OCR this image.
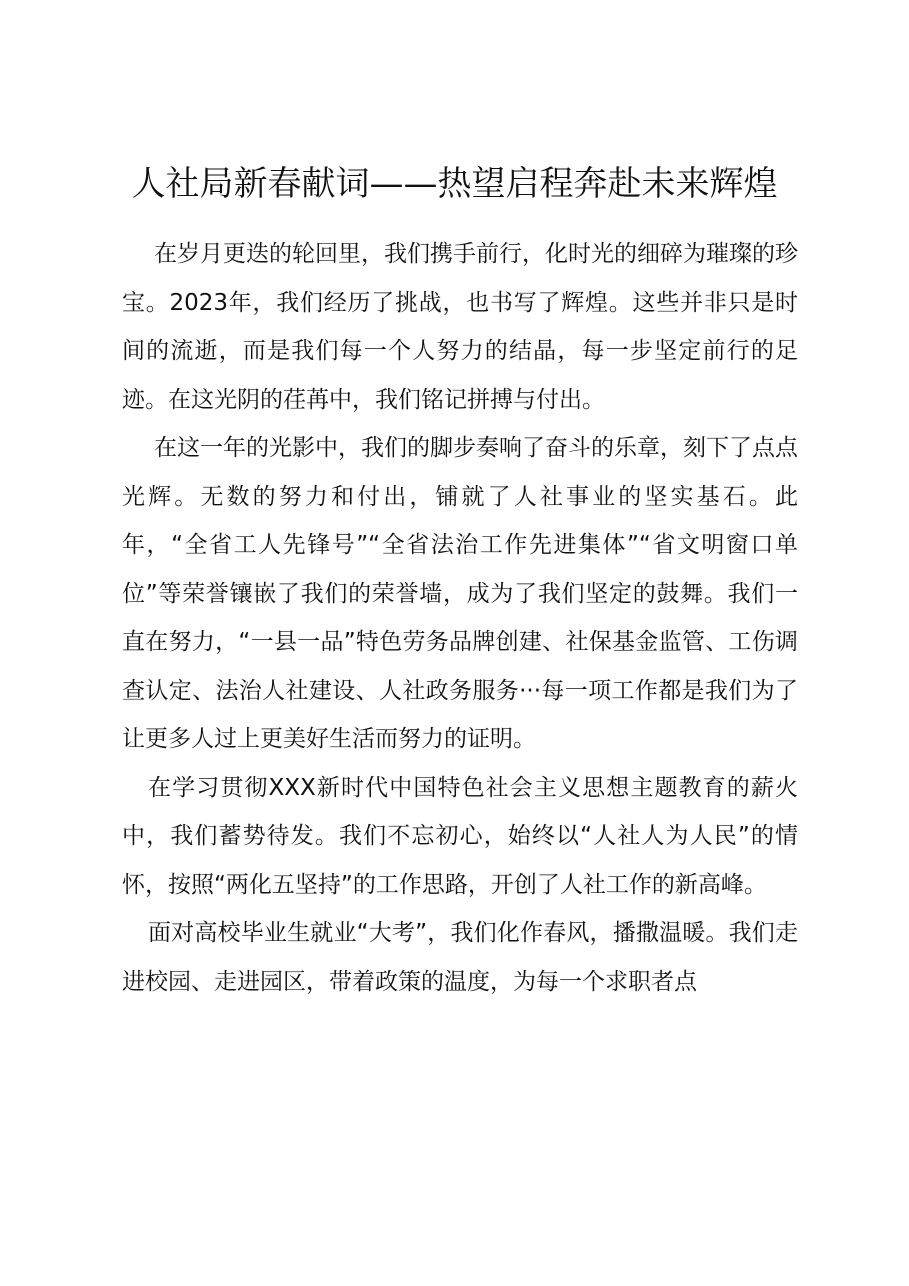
人社局新春献词——热望启程奔赴未来辉煌

在岁月更迭的轮回里，我们携手前行，化时光的细碎为璀璨的珍宝。2023年，我们经历了挑战，也书写了辉煌。这些并非只是时间的流逝，而是我们每一个人努力的结晶，每一步坚定前行的足迹。在这光阴的荏苒中，我们铭记拼搏与付出。

在这一年的光影中，我们的脚步奏响了奋斗的乐章，刻下了点点光辉。无数的努力和付出，铺就了人社事业的坚实基石。此年，“全省工人先锋号”“全省法治工作先进集体”“省文明窗口单位”等荣誉镶嵌了我们的荣誉墙，成为了我们坚定的鼓舞。我们一直在努力，“一县一品”特色劳务品牌创建、社保基金监管、工伤调查认定、法治人社建设、人社政务服务···每一项工作都是我们为了让更多人过上更美好生活而努力的证明。

在学习贯彻XXX新时代中国特色社会主义思想主题教育的薪火中，我们蓄势待发。我们不忘初心，始终以“人社人为人民”的情怀，按照“两化五坚持”的工作思路，开创了人社工作的新高峰。

面对高校毕业生就业“大考”，我们化作春风，播撒温暖。我们走进校园、走进园区，带着政策的温度，为每一个求职者点
